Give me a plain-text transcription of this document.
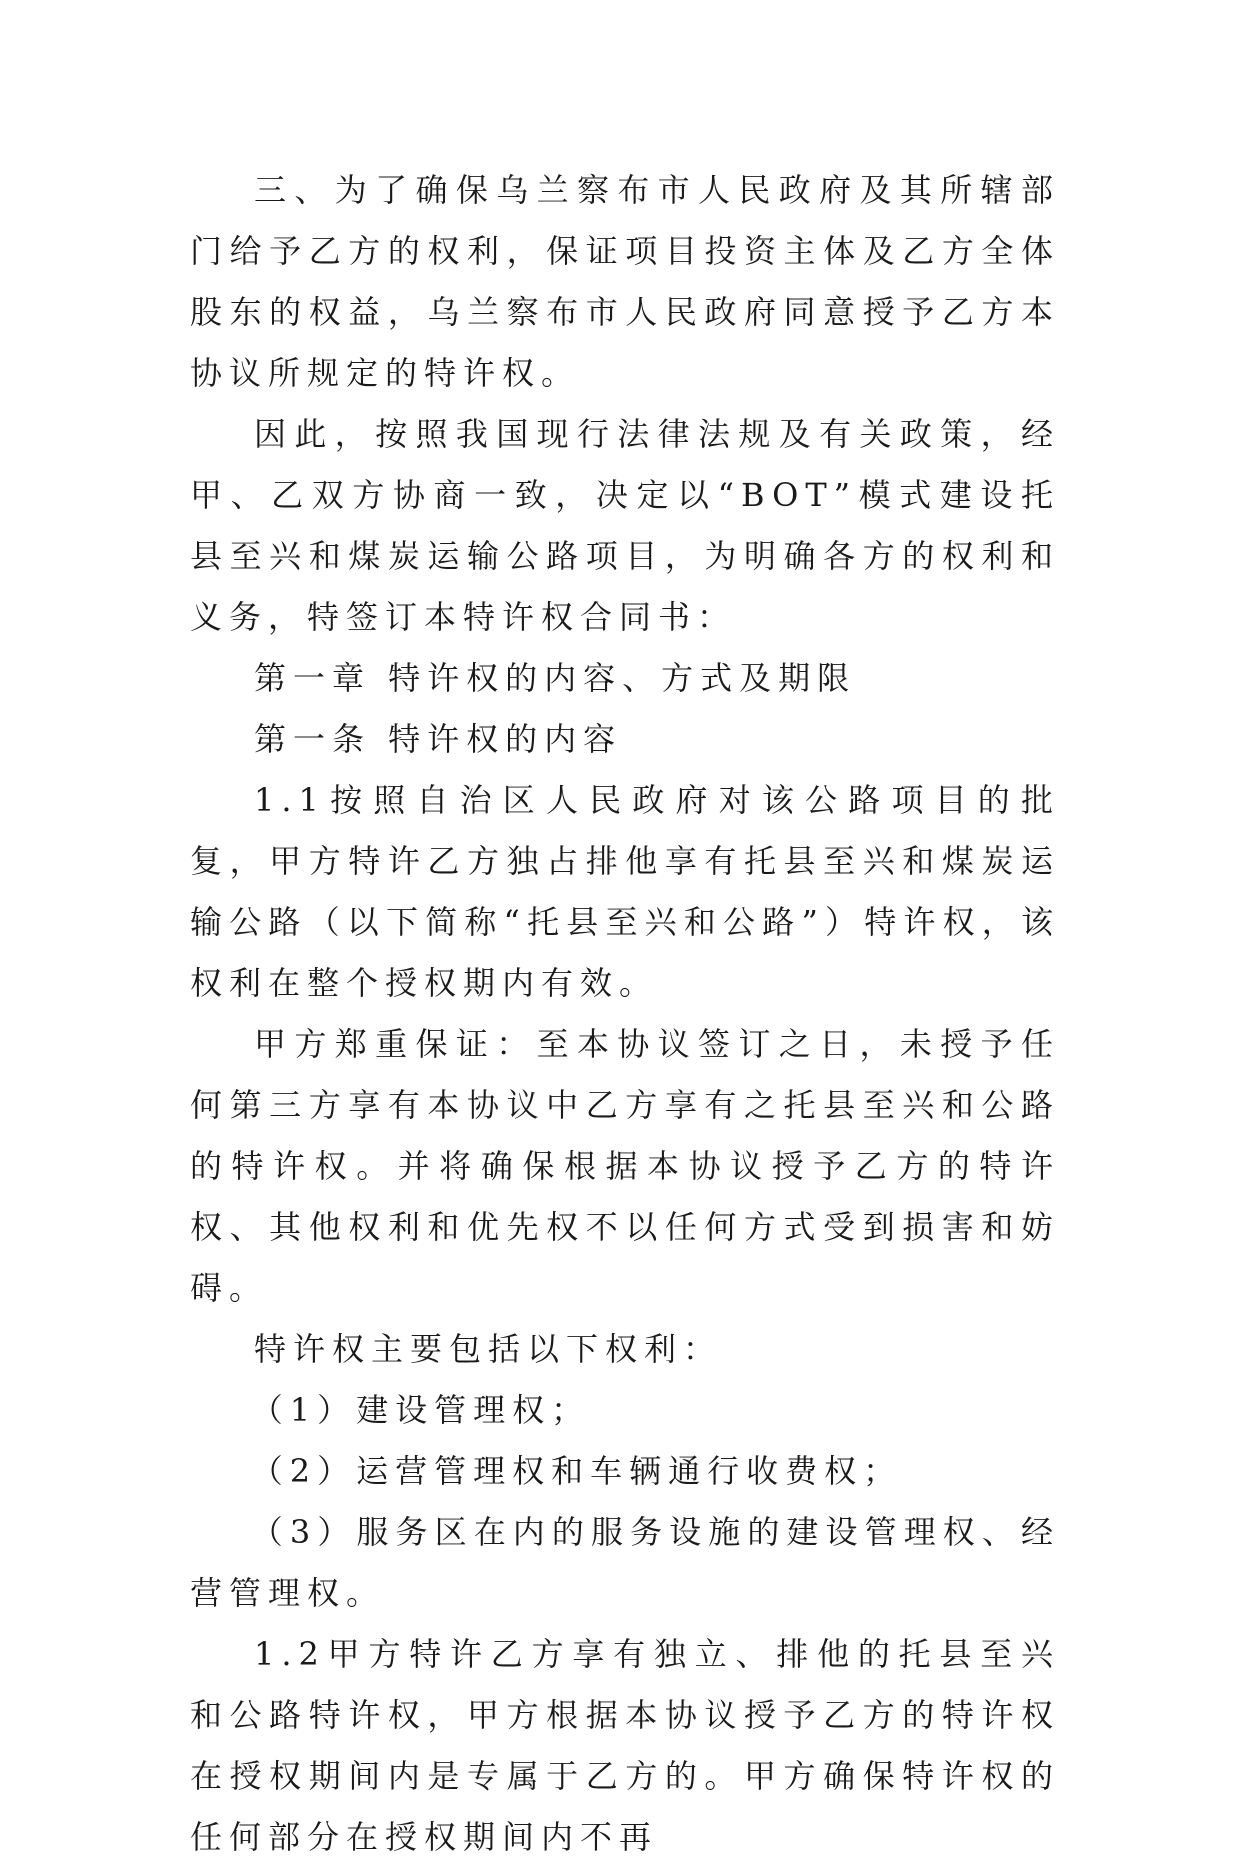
三、为了确保乌兰察布市人民政府及其所辖部门给予乙方的权利，保证项目投资主体及乙方全体股东的权益，乌兰察布市人民政府同意授予乙方本协议所规定的特许权。

因此，按照我国现行法律法规及有关政策，经甲、乙双方协商一致，决定以“BOT”模式建设托县至兴和煤炭运输公路项目，为明确各方的权利和义务，特签订本特许权合同书：

第一章 特许权的内容、方式及期限

第一条 特许权的内容

1.1按照自治区人民政府对该公路项目的批复，甲方特许乙方独占排他享有托县至兴和煤炭运输公路（以下简称“托县至兴和公路”）特许权，该权利在整个授权期内有效。

甲方郑重保证：至本协议签订之日，未授予任何第三方享有本协议中乙方享有之托县至兴和公路的特许权。并将确保根据本协议授予乙方的特许权、其他权利和优先权不以任何方式受到损害和妨碍。

特许权主要包括以下权利：

（1）建设管理权；

（2）运营管理权和车辆通行收费权；

（3）服务区在内的服务设施的建设管理权、经营管理权。

1.2甲方特许乙方享有独立、排他的托县至兴和公路特许权，甲方根据本协议授予乙方的特许权在授权期间内是专属于乙方的。甲方确保特许权的任何部分在授权期间内不再
